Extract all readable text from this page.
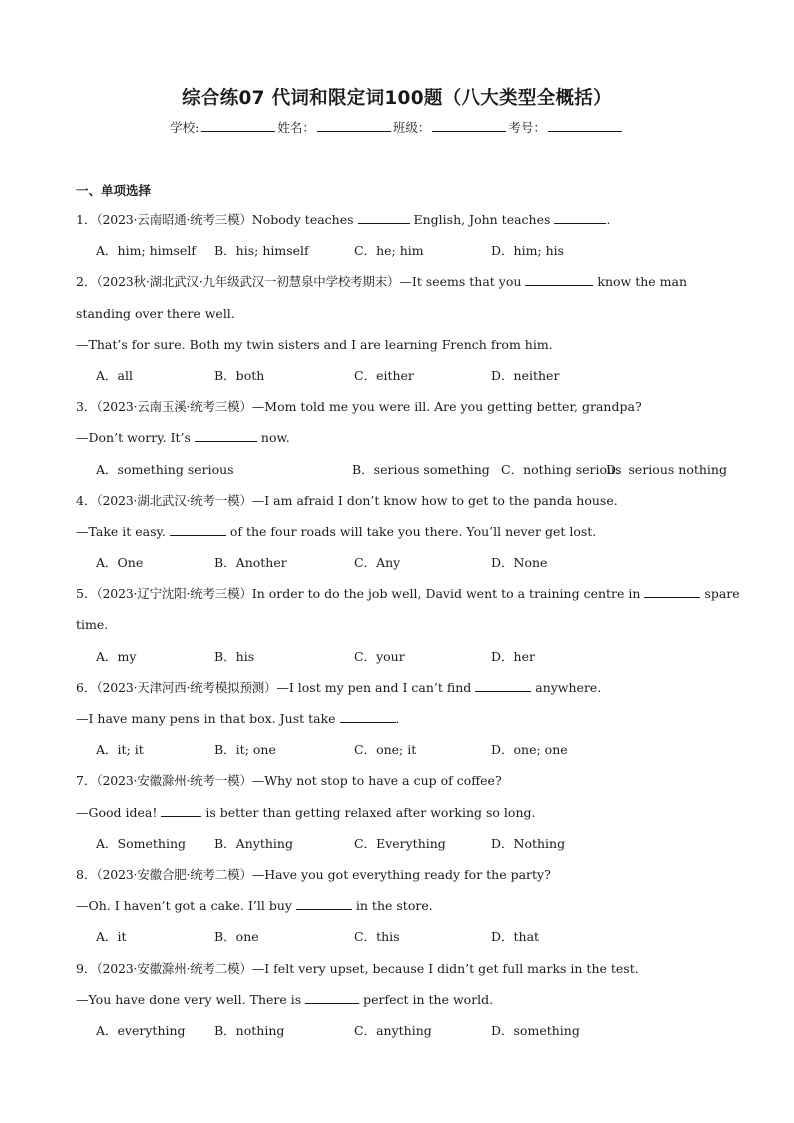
综合练07 代词和限定词100题（八大类型全概括）
学校:	姓名：	班级：	考号：
一、单项选择
1．（2023·云南昭通·统考三模）Nobody teaches	English, John teaches	.
A．him; himself B．his; himself	C．he; him	D．him; his
2．（2023秋·湖北武汉·九年级武汉一初慧泉中学校考期末）—It seems that you	know the man
standing over there well.
—That’s for sure. Both my twin sisters and I are learning French from him.
A．all	B．both	C．either	D．neither
3．（2023·云南玉溪·统考三模）—Mom told me you were ill. Are you getting better, grandpa?
—Don’t worry. It’s	now.
A．something serious	B．serious something C．nothing serious
D．serious nothing
4．（2023·湖北武汉·统考一模）—I am afraid I don’t know how to get to the panda house.
—Take it easy.	of the four roads will take you there. You’ll never get lost.
A．One	B．Another	C．Any	D．None
5．（2023·辽宁沈阳·统考三模）In order to do the job well, David went to a training centre in	spare
time.
A．my	B．his	C．your	D．her
6．（2023·天津河西·统考模拟预测）—I lost my pen and I can’t find	anywhere.
—I have many pens in that box. Just take	.
A．it; it	B．it; one	C．one; it	D．one; one
7．（2023·安徽滁州·统考一模）—Why not stop to have a cup of coffee?
—Good idea!	is better than getting relaxed after working so long.
A．Something B．Anything	C．Everything	D．Nothing
8．（2023·安徽合肥·统考二模）—Have you got everything ready for the party?
—Oh. I haven’t got a cake. I’ll buy	in the store.
A．it	B．one	C．this	D．that
9．（2023·安徽滁州·统考二模）—I felt very upset, because I didn’t get full marks in the test.
—You have done very well. There is	perfect in the world.
A．everything B．nothing	C．anything	D．something
